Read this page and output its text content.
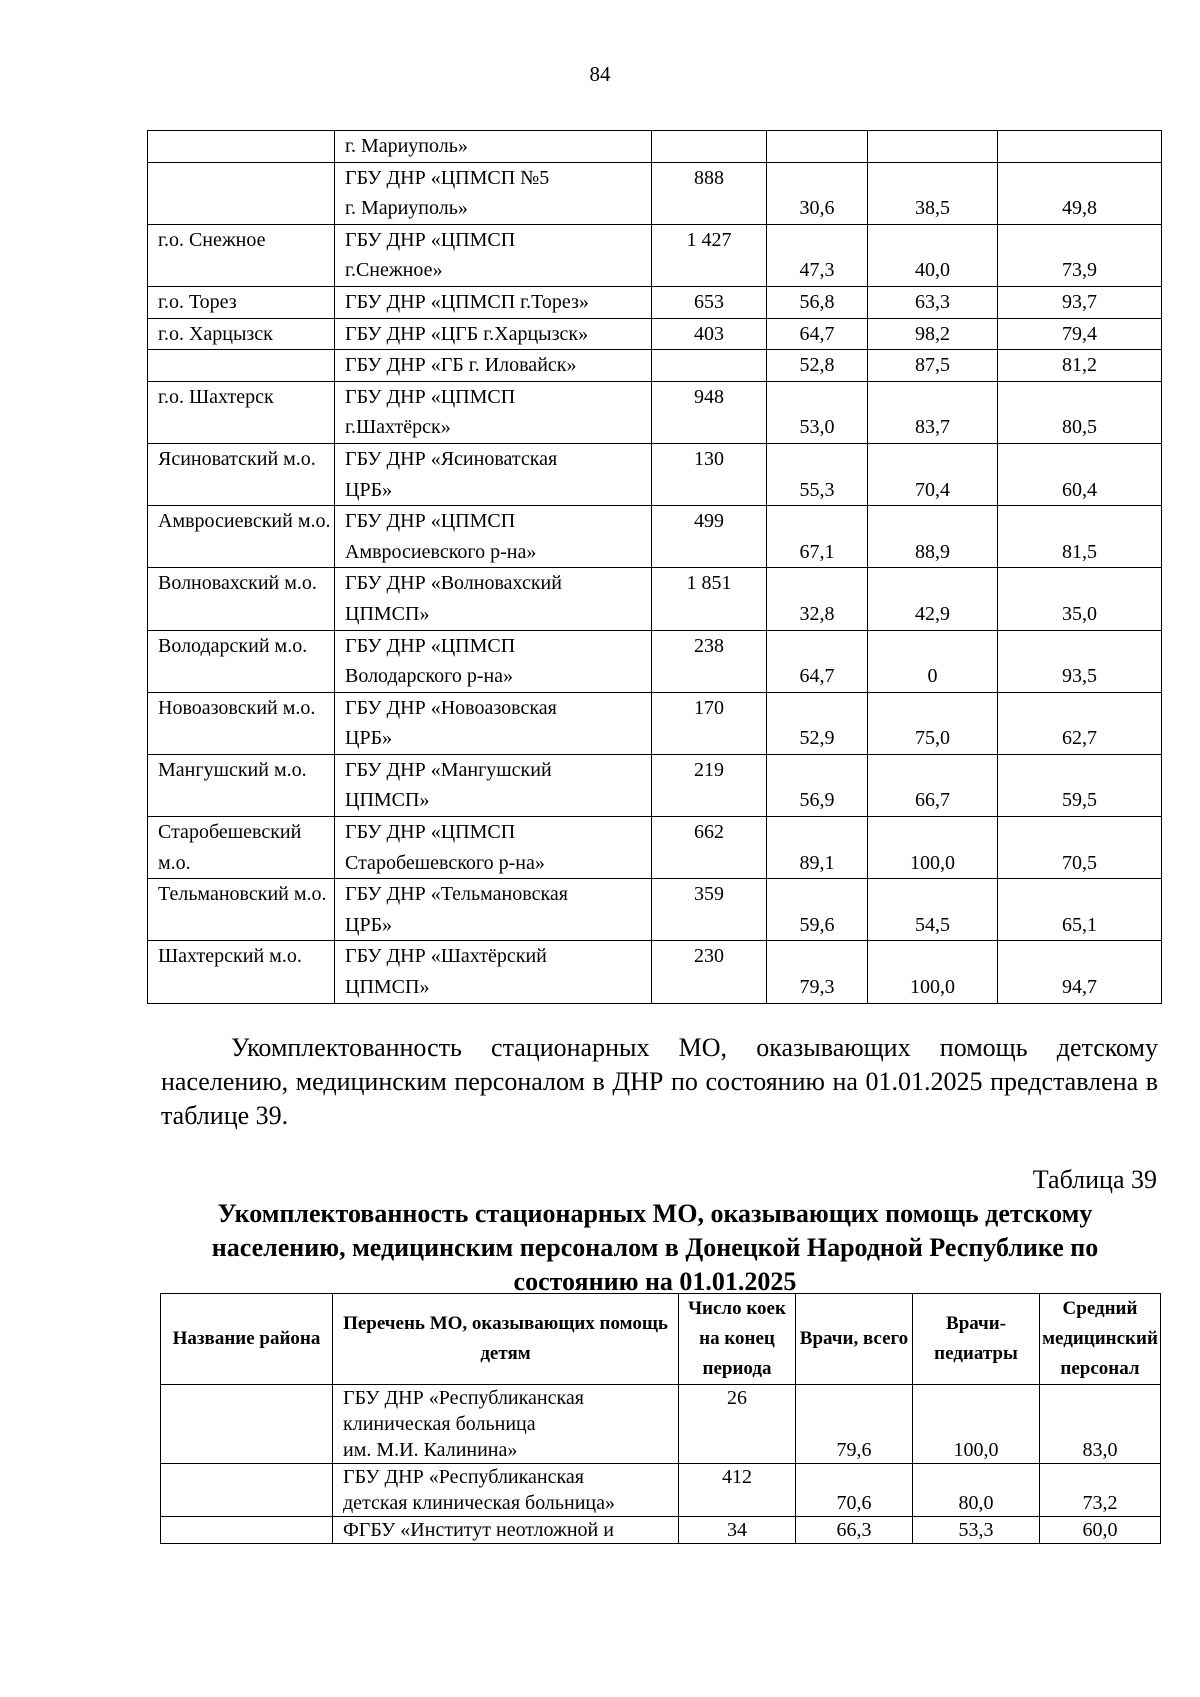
84
	г. Мариуполь»				
	ГБУ ДНР «ЦПМСП №5
г. Мариуполь»	888	30,6	38,5	49,8
г.о. Снежное	ГБУ ДНР «ЦПМСП
г.Снежное»	1 427	47,3	40,0	73,9
г.о. Торез	ГБУ ДНР «ЦПМСП г.Торез»	653	56,8	63,3	93,7
г.о. Харцызск	ГБУ ДНР «ЦГБ г.Харцызск»	403	64,7	98,2	79,4
	ГБУ ДНР «ГБ г. Иловайск»		52,8	87,5	81,2
г.о. Шахтерск	ГБУ ДНР «ЦПМСП
г.Шахтёрск»	948	53,0	83,7	80,5
Ясиноватский м.о.	ГБУ ДНР «Ясиноватская
ЦРБ»	130	55,3	70,4	60,4
Амвросиевский м.о.	ГБУ ДНР «ЦПМСП
Амвросиевского р-на»	499	67,1	88,9	81,5
Волновахский м.о.	ГБУ ДНР «Волновахский
ЦПМСП»	1 851	32,8	42,9	35,0
Володарский м.о.	ГБУ ДНР «ЦПМСП
Володарского р-на»	238	64,7	0	93,5
Новоазовский м.о.	ГБУ ДНР «Новоазовская
ЦРБ»	170	52,9	75,0	62,7
Мангушский м.о.	ГБУ ДНР «Мангушский
ЦПМСП»	219	56,9	66,7	59,5
Старобешевский м.о.	ГБУ ДНР «ЦПМСП
Старобешевского р-на»	662	89,1	100,0	70,5
Тельмановский м.о.	ГБУ ДНР «Тельмановская
ЦРБ»	359	59,6	54,5	65,1
Шахтерский м.о.	ГБУ ДНР «Шахтёрский
ЦПМСП»	230	79,3	100,0	94,7
Укомплектованность стационарных МО, оказывающих помощь детскому населению, медицинским персоналом в ДНР по состоянию на 01.01.2025 представлена в таблице 39.
Таблица 39
Укомплектованность стационарных МО, оказывающих помощь детскому населению, медицинским персоналом в Донецкой Народной Республике по состоянию на 01.01.2025
Название района	Перечень МО, оказывающих помощь детям	Число коек на конец периода	Врачи, всего	Врачи-педиатры	Средний медицинский персонал
	ГБУ ДНР «Республиканская
клиническая больница
им. М.И. Калинина»	26	79,6	100,0	83,0
	ГБУ ДНР «Республиканская
детская клиническая больница»	412	70,6	80,0	73,2
	ФГБУ «Институт неотложной и	34	66,3	53,3	60,0
